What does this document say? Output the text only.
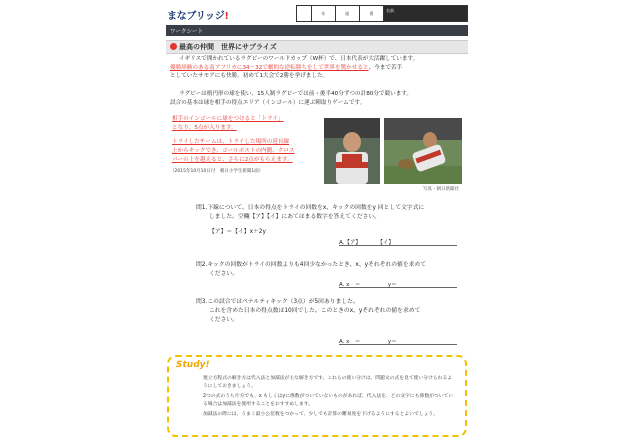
まなブリッジ!	年	組	番	名前
ワークシート
最高の仲間　世界にサプライズ
イギリスで開かれているラグビーのワールドカップ（W杯）で、日本代表が大活躍しています。
優勝経験のある南アフリカに34－32で劇的な逆転勝ちをして世界を驚かせると、今まで苦手
としていたサモアにも快勝。初めて1大会で2勝を挙げました。
ラグビーは楕円形の球を使い、15人制ラグビーでは前・後半40分ずつの計80分で競います。
試合の基本は球を相手の得点エリア（インゴール）に運ぶ陣取りゲームです。
相手のインゴールに球をつけると「トライ」
となり、5点が入ります。
トライしたチームは、トライした場所の延長線
上からキックでき、ゴールポストの内側、クロス
バーの上を越えると、さらに2点がもらえます。
（2015年10月10日付　朝日小学生新聞1面）
写真・朝日新聞社
問1.下線について、日本の得点をトライの回数をx、キックの回数をy 回として文字式に
しました。空欄【ア】【イ】にあてはまる数字を答えてください。
【ア】＝【イ】x＋2y
A.【ア】　　　　【イ】
問2.キックの回数がトライの回数よりも4回少なかったとき、x、yそれぞれの値を求めて
ください。
A. x　＝　　　　　y＝
問3.この試合ではペナルティキック（3点）が5回ありました。
これを含めた日本の得点数は10回でした。このときのx、yそれぞれの値を求めて
ください。
A. x　＝　　　　　y＝
Study!
連立方程式の解き方は代入法と加減法が主な解き方です。これらの使い分けは、問題文の式を見て使い分けられるようにしておきましょう。
2つの式のうち片方でも、x もしくはyに係数がついていないものがあれば、代入法を、どの文字にも係数がついている場合は加減法を使用することをおすすめします。
加減法の際には、うまく最小公倍数をつかって、少しでも計算の難易度を下げるようにするとよいでしょう。
